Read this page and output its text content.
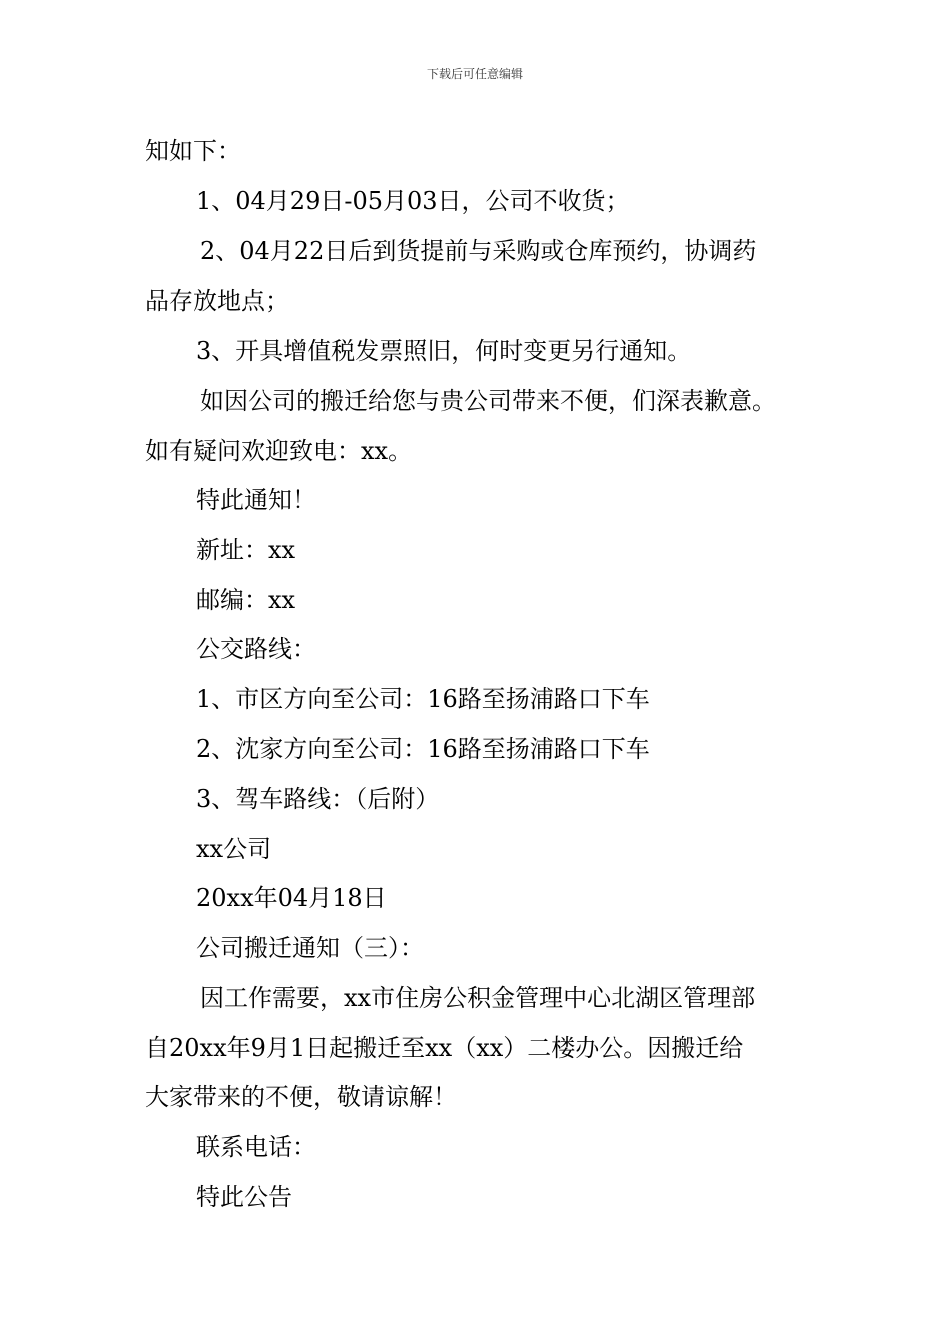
下载后可任意编辑
知如下：
1、04月29日-05月03日，公司不收货；
2、04月22日后到货提前与采购或仓库预约，协调药
品存放地点；
3、开具增值税发票照旧，何时变更另行通知。
如因公司的搬迁给您与贵公司带来不便，们深表歉意。
如有疑问欢迎致电：xx。
特此通知！
新址：xx
邮编：xx
公交路线：
1、市区方向至公司：16路至扬浦路口下车
2、沈家方向至公司：16路至扬浦路口下车
3、驾车路线：（后附）
xx公司
20xx年04月18日
公司搬迁通知（三）：
因工作需要，xx市住房公积金管理中心北湖区管理部
自20xx年9月1日起搬迁至xx（xx）二楼办公。因搬迁给
大家带来的不便，敬请谅解！
联系电话：
特此公告
